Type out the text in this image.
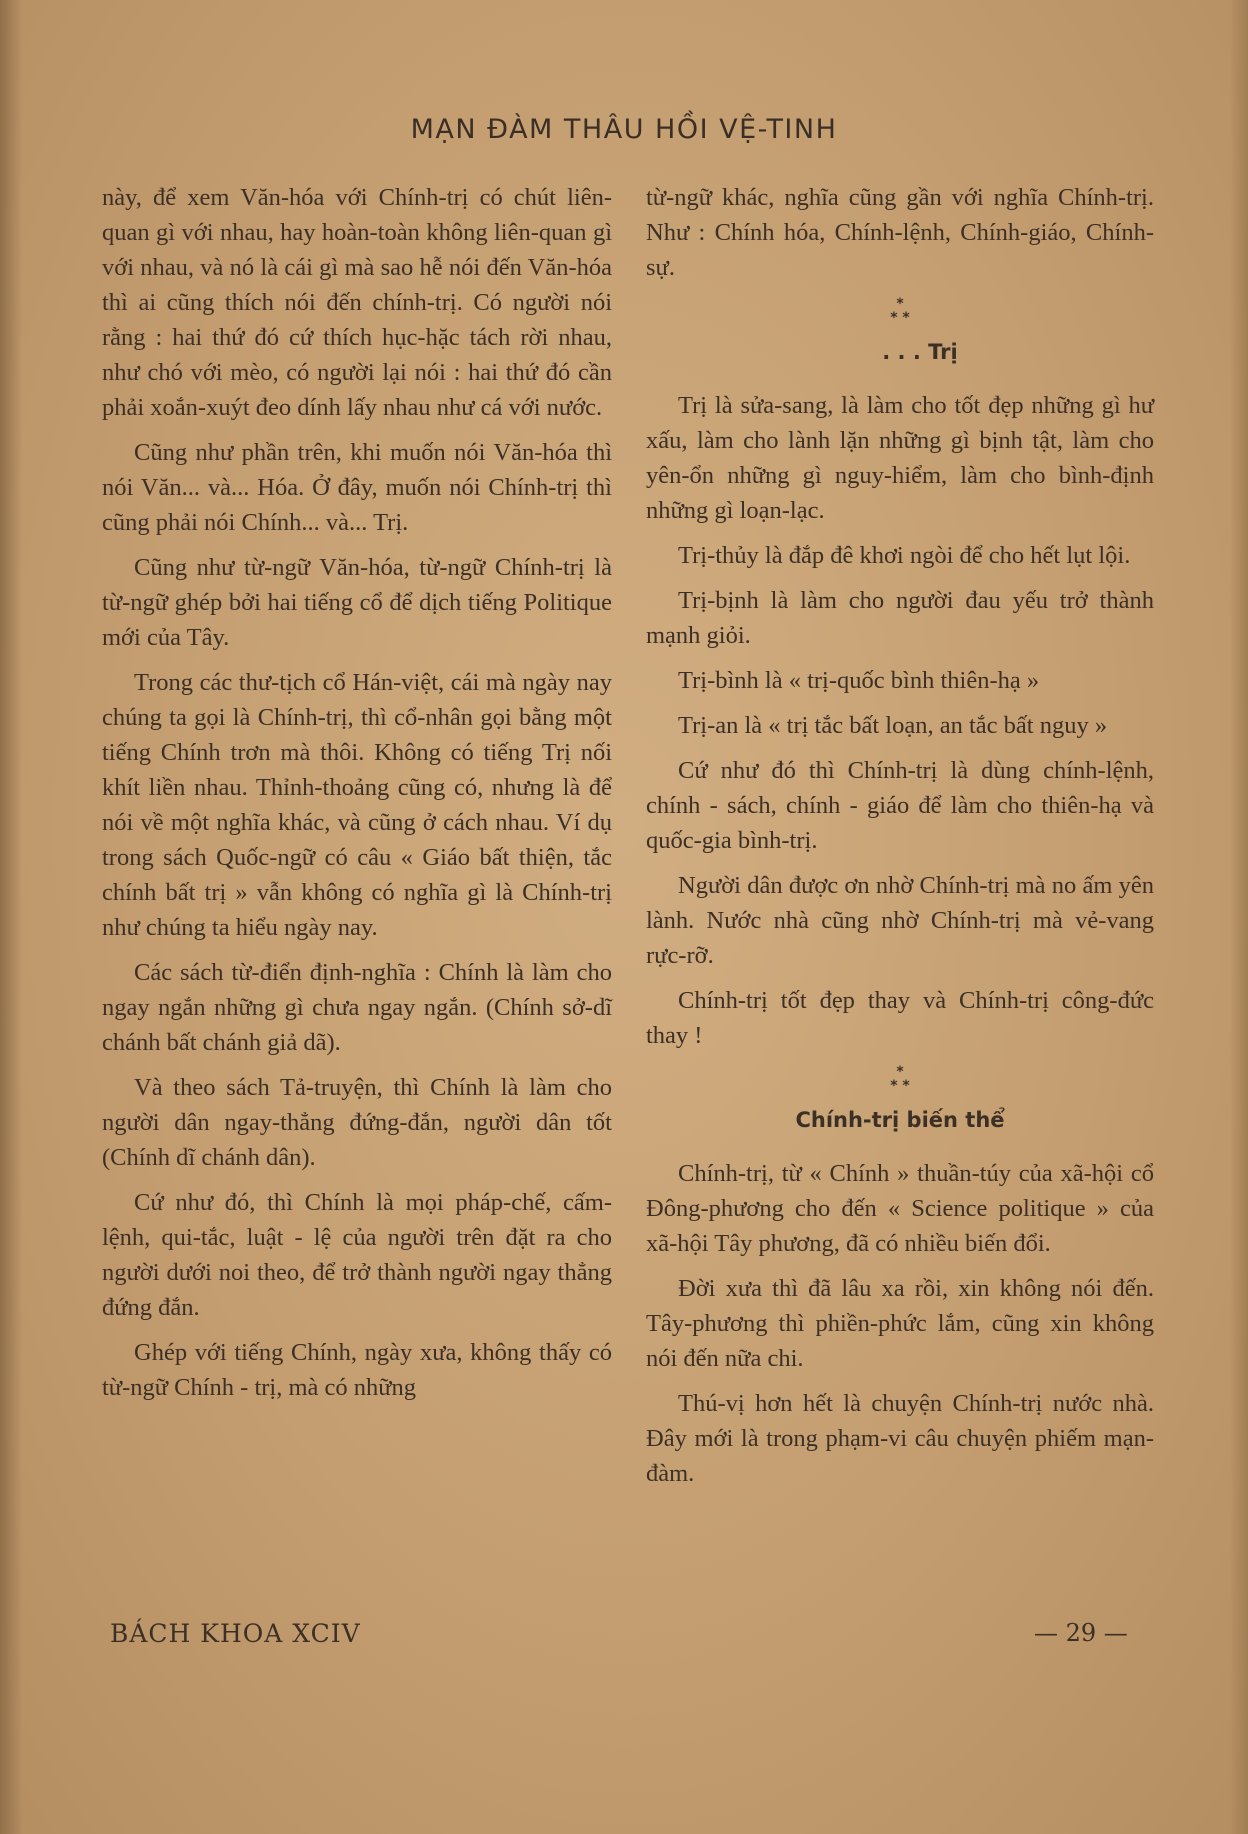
MẠN ĐÀM THÂU HỒI VỆ-TINH

này, để xem Văn-hóa với Chính-trị có chút liên-quan gì với nhau, hay hoàn-toàn không liên-quan gì với nhau, và nó là cái gì mà sao hễ nói đến Văn-hóa thì ai cũng thích nói đến chính-trị. Có người nói rằng : hai thứ đó cứ thích hục-hặc tách rời nhau, như chó với mèo, có người lại nói : hai thứ đó cần phải xoắn-xuýt đeo dính lấy nhau như cá với nước.

Cũng như phần trên, khi muốn nói Văn-hóa thì nói Văn... và... Hóa. Ở đây, muốn nói Chính-trị thì cũng phải nói Chính... và... Trị.

Cũng như từ-ngữ Văn-hóa, từ-ngữ Chính-trị là từ-ngữ ghép bởi hai tiếng cổ để dịch tiếng Politique mới của Tây.

Trong các thư-tịch cổ Hán-việt, cái mà ngày nay chúng ta gọi là Chính-trị, thì cổ-nhân gọi bằng một tiếng Chính trơn mà thôi. Không có tiếng Trị nối khít liền nhau. Thỉnh-thoảng cũng có, nhưng là để nói về một nghĩa khác, và cũng ở cách nhau. Ví dụ trong sách Quốc-ngữ có câu « Giáo bất thiện, tắc chính bất trị » vẫn không có nghĩa gì là Chính-trị như chúng ta hiểu ngày nay.

Các sách từ-điển định-nghĩa : Chính là làm cho ngay ngắn những gì chưa ngay ngắn. (Chính sở-dĩ chánh bất chánh giả dã).

Và theo sách Tả-truyện, thì Chính là làm cho người dân ngay-thẳng đứng-đắn, người dân tốt (Chính dĩ chánh dân).

Cứ như đó, thì Chính là mọi pháp-chế, cấm-lệnh, qui-tắc, luật - lệ của người trên đặt ra cho người dưới noi theo, để trở thành người ngay thẳng đứng đắn.

Ghép với tiếng Chính, ngày xưa, không thấy có từ-ngữ Chính - trị, mà có những

từ-ngữ khác, nghĩa cũng gần với nghĩa Chính-trị. Như : Chính hóa, Chính-lệnh, Chính-giáo, Chính-sự.

*
* *
. . . Trị

Trị là sửa-sang, là làm cho tốt đẹp những gì hư xấu, làm cho lành lặn những gì bịnh tật, làm cho yên-ổn những gì nguy-hiểm, làm cho bình-định những gì loạn-lạc.

Trị-thủy là đắp đê khơi ngòi để cho hết lụt lội.

Trị-bịnh là làm cho người đau yếu trở thành mạnh giỏi.

Trị-bình là « trị-quốc bình thiên-hạ »

Trị-an là « trị tắc bất loạn, an tắc bất nguy »

Cứ như đó thì Chính-trị là dùng chính-lệnh, chính - sách, chính - giáo để làm cho thiên-hạ và quốc-gia bình-trị.

Người dân được ơn nhờ Chính-trị mà no ấm yên lành. Nước nhà cũng nhờ Chính-trị mà vẻ-vang rực-rỡ.

Chính-trị tốt đẹp thay và Chính-trị công-đức thay !

*
* *
Chính-trị biến thể

Chính-trị, từ « Chính » thuần-túy của xã-hội cổ Đông-phương cho đến « Science politique » của xã-hội Tây phương, đã có nhiều biến đổi.

Đời xưa thì đã lâu xa rồi, xin không nói đến. Tây-phương thì phiền-phức lắm, cũng xin không nói đến nữa chi.

Thú-vị hơn hết là chuyện Chính-trị nước nhà. Đây mới là trong phạm-vi câu chuyện phiếm mạn-đàm.

BÁCH KHOA XCIV	— 29 —
